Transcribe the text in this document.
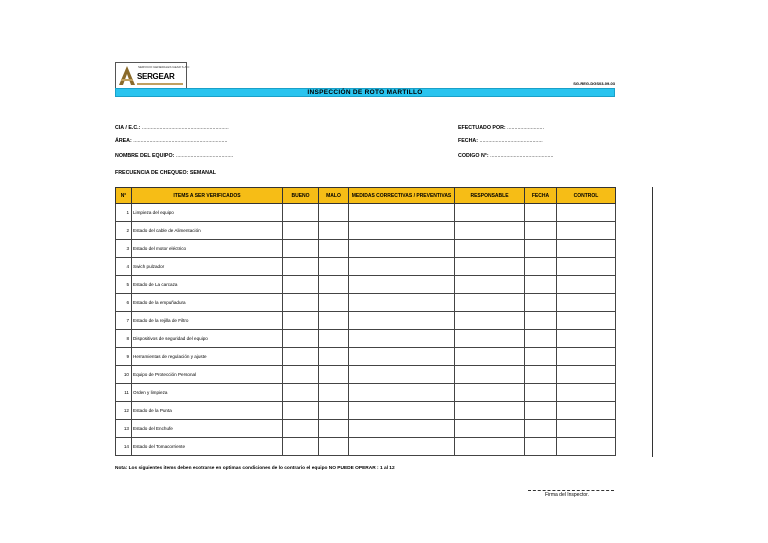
SERVICIO GENERALES GEAR S.A.C
SERGEAR
SG-REG-DGS03-09-03
INSPECCIÓN DE ROTO MARTILLO
CIA / E.C.: ...........................................................
ÁREA: ................................................................
NOMBRE DEL EQUIPO: .......................................
EFECTUADO POR: .........................
FECHA: ...........................................
CODIGO N°: ...........................................
FRECUENCIA DE CHEQUEO: SEMANAL
N°	ITEMS A SER VERIFICADOS	BUENO	MALO	MEDIDAS CORRECTIVAS / PREVENTIVAS	RESPONSABLE	FECHA	CONTROL
1	Limpieza del equipo						
2	Estado del cable de Alimentación						
3	Estado del motor eléctrico						
4	Swich pulzador						
5	Estado de La carcaza						
6	Estado de la empuñadura						
7	Estado de la rejilla de Filtro						
8	Dispositivos de seguridad del equipo						
9	Herramientas de regulación y ajuste						
10	Equipo de Protección Personal						
11	Orden y limpieza						
12	Estado de la Punta						
13	Estado del Enchufe						
14	Estado del Tomacorriente						
Nota: Los siguientes items deben ecotrarse en optimas condiciones de lo contrario el equipo NO PUEDE OPERAR : 1 al 12
Firma del Inspector.
